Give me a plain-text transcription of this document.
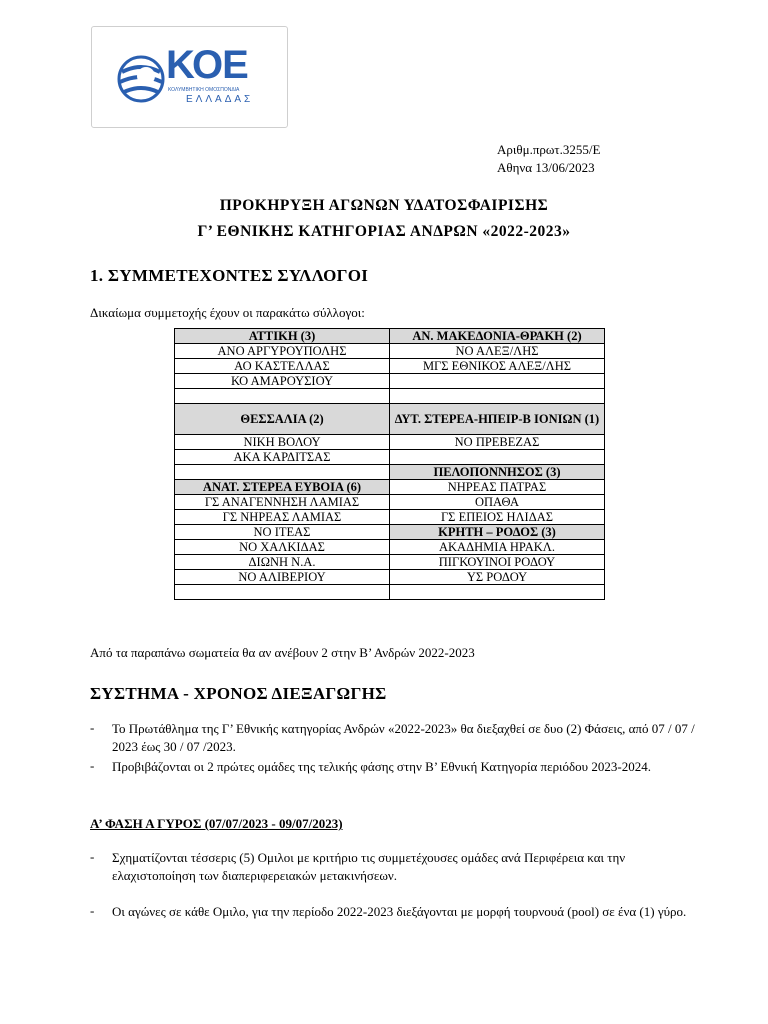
ΚΟΕ
ΚΟΛΥΜΒΗΤΙΚΗ ΟΜΟΣΠΟΝΔΙΑ
ΕΛΛΑΔΑΣ
Αριθμ.πρωτ.3255/Ε
Αθηνα 13/06/2023
ΠΡΟΚΗΡΥΞΗ ΑΓΩΝΩΝ ΥΔΑΤΟΣΦΑΙΡΙΣΗΣ
Γ’ ΕΘΝΙΚΗΣ ΚΑΤΗΓΟΡΙΑΣ ΑΝΔΡΩΝ «2022-2023»
1. ΣΥΜΜΕΤΕΧΟΝΤΕΣ ΣΥΛΛΟΓΟΙ
Δικαίωμα συμμετοχής έχουν οι παρακάτω σύλλογοι:
ΑΤΤΙΚΗ (3)	ΑΝ. ΜΑΚΕΔΟΝΙΑ-ΘΡΑΚΗ (2)
ΑΝΟ ΑΡΓΥΡΟΥΠΟΛΗΣ	ΝΟ ΑΛΕΞ/ΛΗΣ
ΑΟ ΚΑΣΤΕΛΛΑΣ	ΜΓΣ ΕΘΝΙΚΟΣ ΑΛΕΞ/ΛΗΣ
ΚΟ ΑΜΑΡΟΥΣΙΟΥ	

ΘΕΣΣΑΛΙΑ (2)	ΔΥΤ. ΣΤΕΡΕΑ-ΗΠΕΙΡ-Β ΙΟΝΙΩΝ (1)
ΝΙΚΗ ΒΟΛΟΥ	ΝΟ ΠΡΕΒΕΖΑΣ
ΑΚΑ ΚΑΡΔΙΤΣΑΣ	
	ΠΕΛΟΠΟΝΝΗΣΟΣ (3)
ΑΝΑΤ. ΣΤΕΡΕΑ ΕΥΒΟΙΑ (6)	ΝΗΡΕΑΣ ΠΑΤΡΑΣ
ΓΣ ΑΝΑΓΕΝΝΗΣΗ ΛΑΜΙΑΣ	ΟΠΑΘΑ
ΓΣ ΝΗΡΕΑΣ ΛΑΜΙΑΣ	ΓΣ ΕΠΕΙΟΣ ΗΛΙΔΑΣ
ΝΟ ΙΤΕΑΣ	ΚΡΗΤΗ – ΡΟΔΟΣ (3)
ΝΟ ΧΑΛΚΙΔΑΣ	ΑΚΑΔΗΜΙΑ ΗΡΑΚΛ.
ΔΙΩΝΗ Ν.Α.	ΠΙΓΚΟΥΙΝΟΙ ΡΟΔΟΥ
ΝΟ ΑΛΙΒΕΡΙΟΥ	ΥΣ ΡΟΔΟΥ

Από τα παραπάνω σωματεία θα αν ανέβουν 2 στην Β’ Ανδρών 2022-2023
ΣΥΣΤΗΜΑ - ΧΡΟΝΟΣ ΔΙΕΞΑΓΩΓΗΣ
- Το Πρωτάθλημα της Γ’ Εθνικής κατηγορίας Ανδρών «2022-2023» θα διεξαχθεί σε δυο (2) Φάσεις, από 07 / 07 / 2023 έως 30 / 07 /2023.
- Προβιβάζονται οι 2 πρώτες ομάδες της τελικής φάσης στην Β’ Εθνική Κατηγορία περιόδου 2023-2024.
Α’ ΦΑΣΗ Α ΓΥΡΟΣ (07/07/2023 - 09/07/2023)
- Σχηματίζονται τέσσερις (5) Ομιλοι με κριτήριο τις συμμετέχουσες ομάδες ανά Περιφέρεια και την ελαχιστοποίηση των διαπεριφερειακών μετακινήσεων.
- Οι αγώνες σε κάθε Ομιλο, για την περίοδο 2022-2023 διεξάγονται με μορφή τουρνουά (pool) σε ένα (1) γύρο.
